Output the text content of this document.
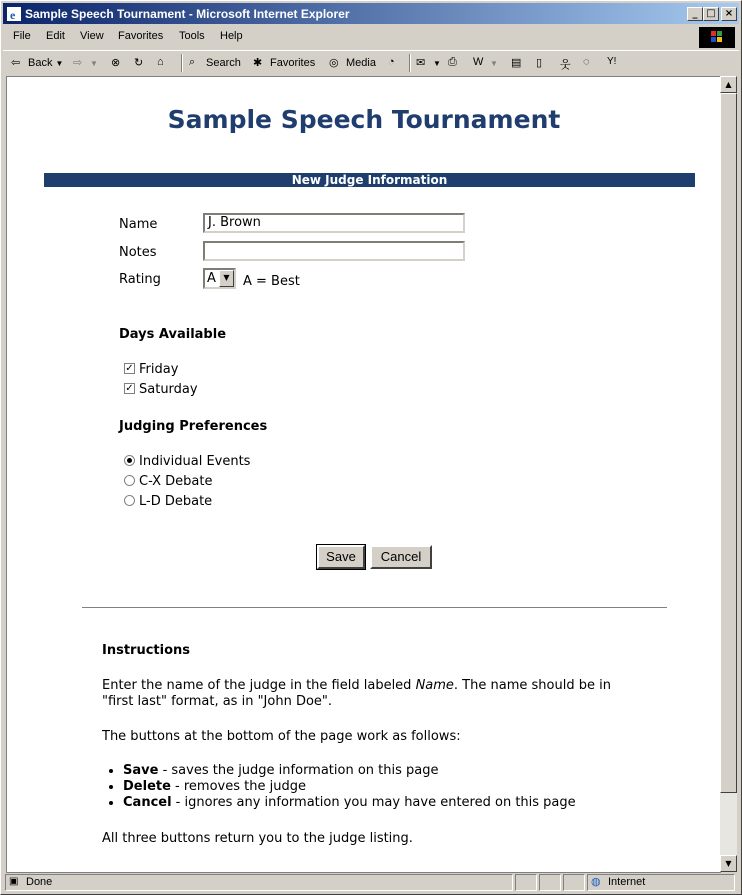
e Sample Speech Tournament - Microsoft Internet Explorer	_ □ ×
File Edit View Favorites Tools Help
⇦ Back ▼ ⇨ ▼ ⊗	↻	⌂	⌕ Search ✱ Favorites ◎ Media ◔	✉ ▼ ⎙	W ▼ ▤	▯	웃	◌	Y!
Sample Speech Tournament
New Judge Information
Name	J. Brown
Notes
Rating	A ▼	A = Best
Days Available
✓ Friday
✓ Saturday
Judging Preferences
Individual Events
C-X Debate
L-D Debate
Save	Cancel
Instructions
Enter the name of the judge in the field labeled Name. The name should be in "first last" format, as in "John Doe".
The buttons at the bottom of the page work as follows:
• Save - saves the judge information on this page
• Delete - removes the judge
• Cancel - ignores any information you may have entered on this page
All three buttons return you to the judge listing.
▲
▼
▣ Done	◍ Internet
